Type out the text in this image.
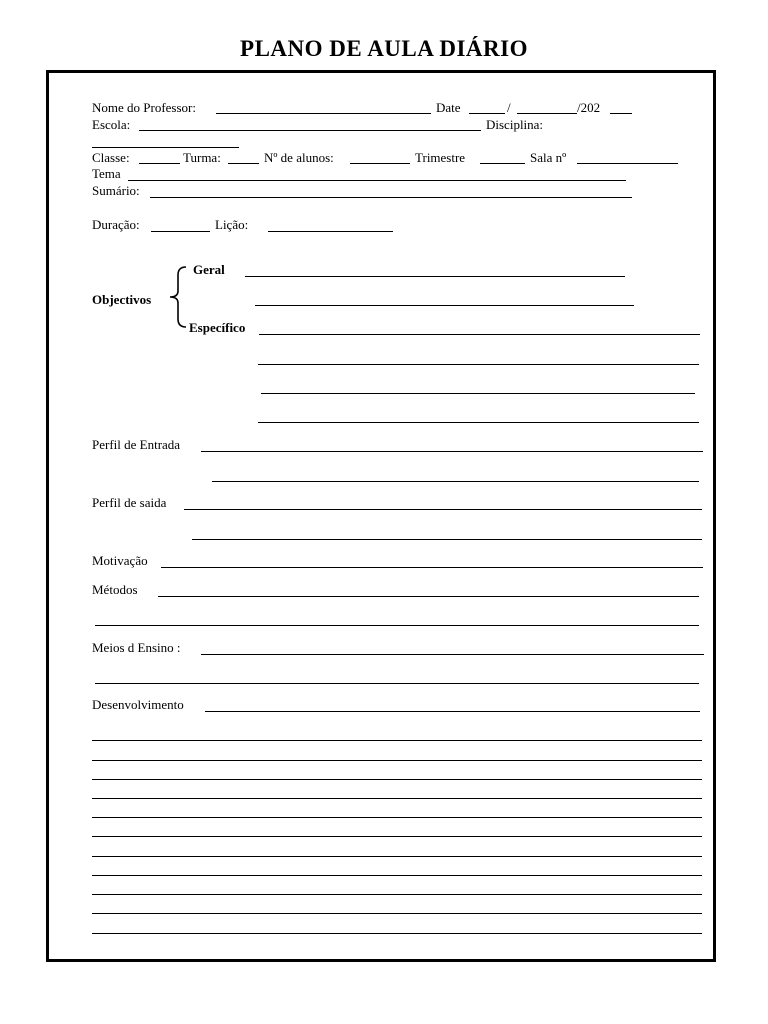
PLANO DE AULA DIÁRIO
Nome do Professor:	Date	/	/202
Escola:	Disciplina:
Classe:	Turma:	Nº de alunos:	Trimestre	Sala nº
Tema
Sumário:
Duração:	Lição:
Objectivos
Geral
Específico
Perfil de Entrada
Perfil de saida
Motivação
Métodos
Meios d Ensino :
Desenvolvimento
